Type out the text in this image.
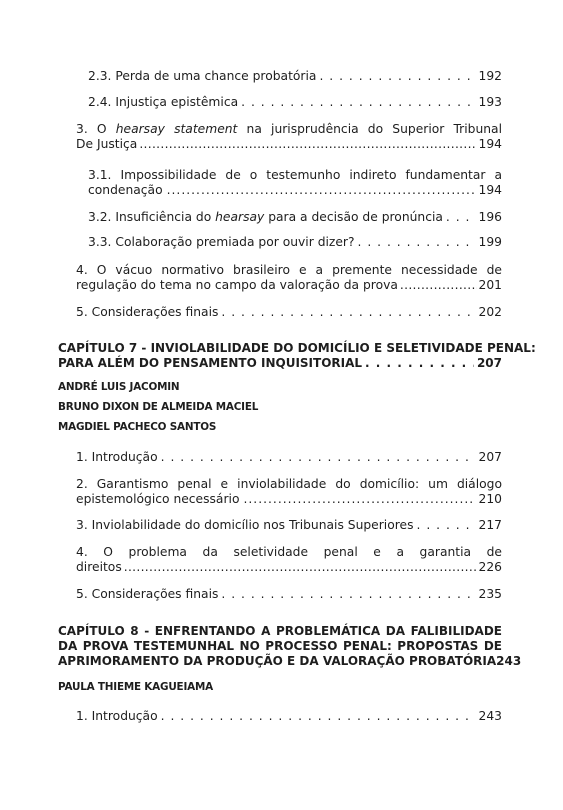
2.3. Perda de uma chance probatória . . .	192
2.4. Injustiça epistêmica . . .	193
3. O hearsay statement na jurisprudência do Superior Tribunal
De Justiça .....	194
3.1. Impossibilidade de o testemunho indireto fundamentar a
condenação .....	194
3.2. Insuficiência do hearsay para a decisão de pronúncia . . .	196
3.3. Colaboração premiada por ouvir dizer? . . .	199
4. O vácuo normativo brasileiro e a premente necessidade de
regulação do tema no campo da valoração da prova .....	201
5. Considerações finais . . .	202
CAPÍTULO 7 - INVIOLABILIDADE DO DOMICÍLIO E SELETIVIDADE PENAL:
PARA ALÉM DO PENSAMENTO INQUISITORIAL . . .	207
ANDRÉ LUIS JACOMIN
BRUNO DIXON DE ALMEIDA MACIEL
MAGDIEL PACHECO SANTOS
1. Introdução . . .	207
2. Garantismo penal e inviolabilidade do domicílio: um diálogo
epistemológico necessário .....	210
3. Inviolabilidade do domicílio nos Tribunais Superiores . . .	217
4. O problema da seletividade penal e a garantia de
direitos .....	226
5. Considerações finais . . .	235
CAPÍTULO 8 - ENFRENTANDO A PROBLEMÁTICA DA FALIBILIDADE
DA PROVA TESTEMUNHAL NO PROCESSO PENAL: PROPOSTAS DE
APRIMORAMENTO DA PRODUÇÃO E DA VALORAÇÃO PROBATÓRIA 243
PAULA THIEME KAGUEIAMA
1. Introdução . . .	243
